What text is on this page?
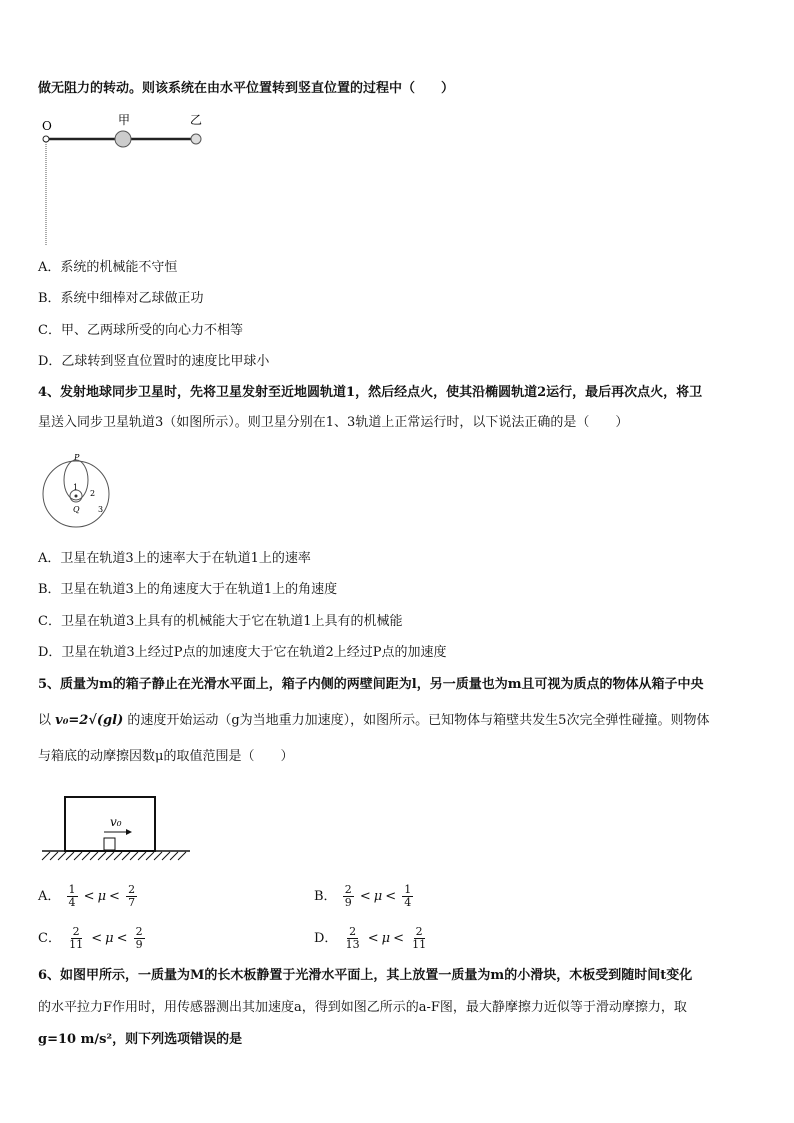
做无阻力的转动。则该系统在由水平位置转到竖直位置的过程中（　　）
O	甲	乙
A．系统的机械能不守恒
B．系统中细棒对乙球做正功
C．甲、乙两球所受的向心力不相等
D．乙球转到竖直位置时的速度比甲球小
4、发射地球同步卫星时，先将卫星发射至近地圆轨道1，然后经点火，使其沿椭圆轨道2运行，最后再次点火，将卫
星送入同步卫星轨道3（如图所示）。则卫星分别在1、3轨道上正常运行时，以下说法正确的是（　　）
P
Q
1
2
3
A．卫星在轨道3上的速率大于在轨道1上的速率
B．卫星在轨道3上的角速度大于在轨道1上的角速度
C．卫星在轨道3上具有的机械能大于它在轨道1上具有的机械能
D．卫星在轨道3上经过P点的加速度大于它在轨道2上经过P点的加速度
5、质量为m的箱子静止在光滑水平面上，箱子内侧的两壁间距为l，另一质量也为m且可视为质点的物体从箱子中央
以 v₀=2√(gl) 的速度开始运动（g为当地重力加速度），如图所示。已知物体与箱壁共发生5次完全弹性碰撞。则物体
与箱底的动摩擦因数μ的取值范围是（　　）
v₀
A． $\frac{1}{4} < \mu < \frac{2}{7}$	B． $\frac{2}{9} < \mu < \frac{1}{4}$
C． $\frac{2}{11} < \mu < \frac{2}{9}$	D． $\frac{2}{13} < \mu < \frac{2}{11}$
6、如图甲所示，一质量为M的长木板静置于光滑水平面上，其上放置一质量为m的小滑块，木板受到随时间t变化
的水平拉力F作用时，用传感器测出其加速度a，得到如图乙所示的a-F图，最大静摩擦力近似等于滑动摩擦力，取
g=10 m/s²，则下列选项错误的是
